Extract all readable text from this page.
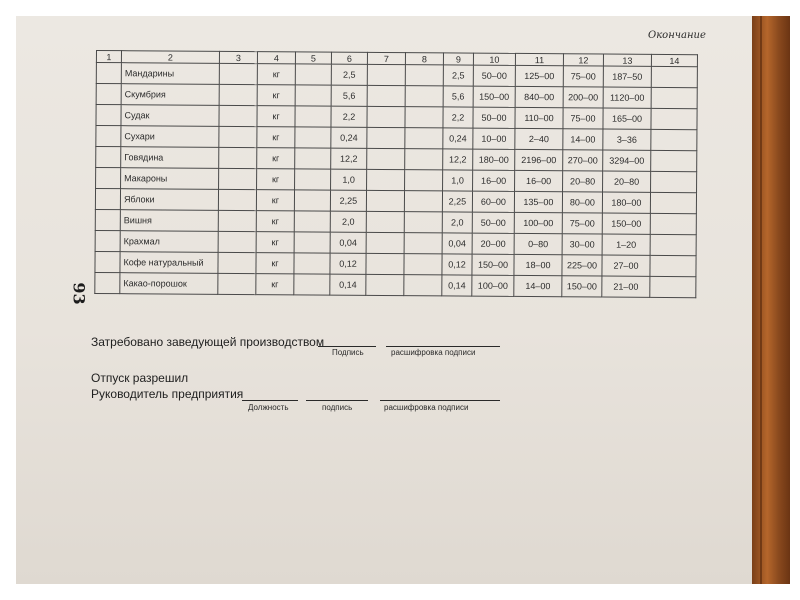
93
Окончание

1	2	3	4	5	6	7	8	9	10	11	12	13	14
	Мандарины		кг		2,5			2,5	50–00	125–00	75–00	187–50	
	Скумбрия		кг		5,6			5,6	150–00	840–00	200–00	1120–00	
	Судак		кг		2,2			2,2	50–00	110–00	75–00	165–00	
	Сухари		кг		0,24			0,24	10–00	2–40	14–00	3–36	
	Говядина		кг		12,2			12,2	180–00	2196–00	270–00	3294–00	
	Макароны		кг		1,0			1,0	16–00	16–00	20–80	20–80	
	Яблоки		кг		2,25			2,25	60–00	135–00	80–00	180–00	
	Вишня		кг		2,0			2,0	50–00	100–00	75–00	150–00	
	Крахмал		кг		0,04			0,04	20–00	0–80	30–00	1–20	
	Кофе натуральный		кг		0,12			0,12	150–00	18–00	225–00	27–00	
	Какао-порошок		кг		0,14			0,14	100–00	14–00	150–00	21–00	
Затребовано заведующей производством
Подпись	расшифровка подписи
Отпуск разрешил
Руководитель предприятия
Должность	подпись	расшифровка подписи
